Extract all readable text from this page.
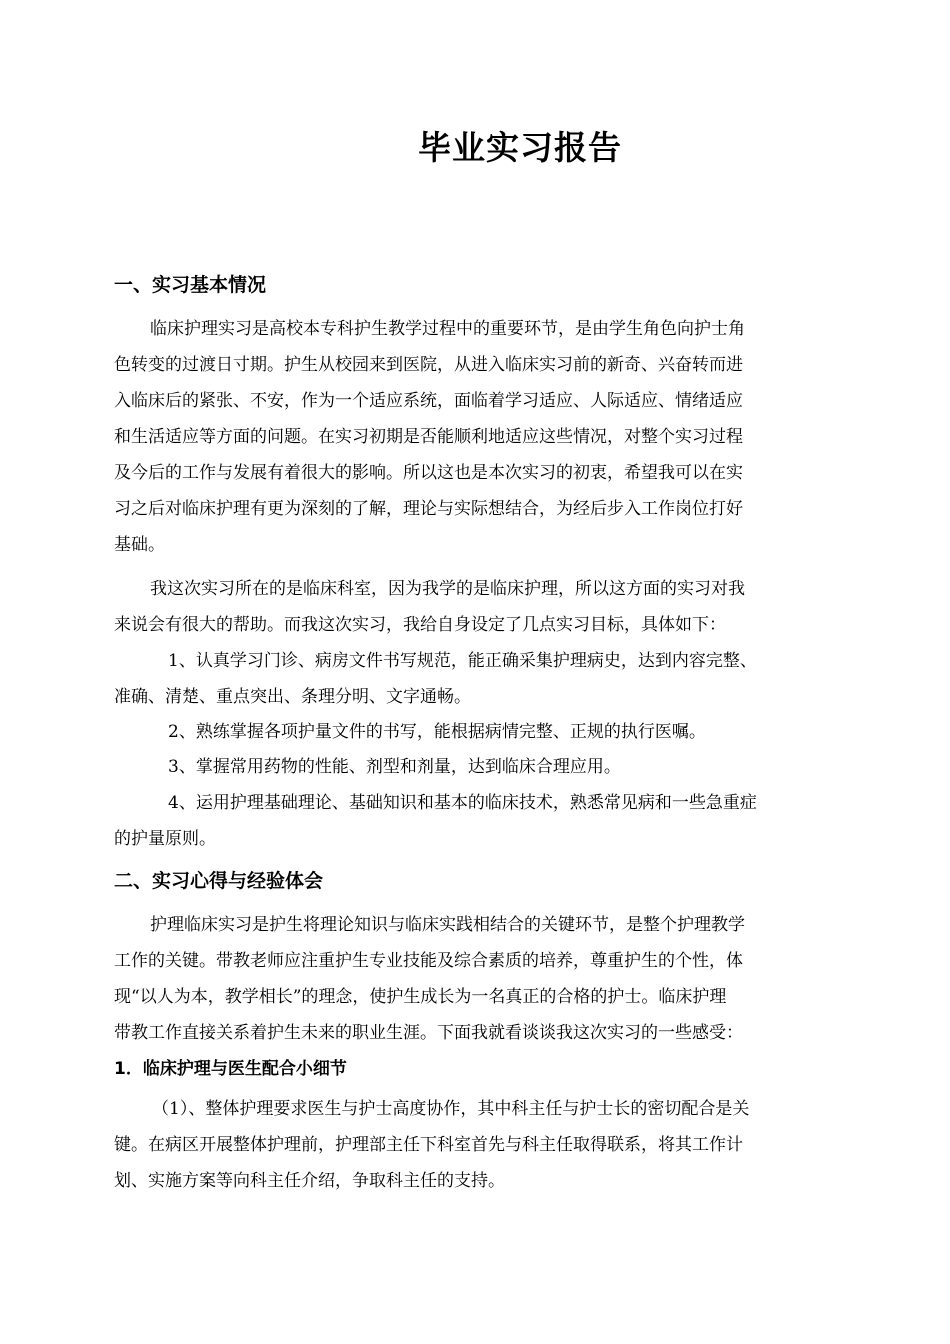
毕业实习报告
一、实习基本情况
临床护理实习是高校本专科护生教学过程中的重要环节，是由学生角色向护士角
色转变的过渡日寸期。护生从校园来到医院，从进入临床实习前的新奇、兴奋转而进
入临床后的紧张、不安，作为一个适应系统，面临着学习适应、人际适应、情绪适应
和生活适应等方面的问题。在实习初期是否能顺利地适应这些情况，对整个实习过程
及今后的工作与发展有着很大的影响。所以这也是本次实习的初衷，希望我可以在实
习之后对临床护理有更为深刻的了解，理论与实际想结合，为经后步入工作岗位打好
基础。
我这次实习所在的是临床科室，因为我学的是临床护理，所以这方面的实习对我
来说会有很大的帮助。而我这次实习，我给自身设定了几点实习目标，具体如下：
1、认真学习门诊、病房文件书写规范，能正确采集护理病史，达到内容完整、
准确、清楚、重点突出、条理分明、文字通畅。
2、熟练掌握各项护量文件的书写，能根据病情完整、正规的执行医嘱。
3、掌握常用药物的性能、剂型和剂量，达到临床合理应用。
4、运用护理基础理论、基础知识和基本的临床技术，熟悉常见病和一些急重症
的护量原则。
二、实习心得与经验体会
护理临床实习是护生将理论知识与临床实践相结合的关键环节，是整个护理教学
工作的关键。带教老师应注重护生专业技能及综合素质的培养，尊重护生的个性，体
现“以人为本，教学相长”的理念，使护生成长为一名真正的合格的护士。临床护理
带教工作直接关系着护生未来的职业生涯。下面我就看谈谈我这次实习的一些感受：
1．临床护理与医生配合小细节
（1）、整体护理要求医生与护士高度协作，其中科主任与护士长的密切配合是关
键。在病区开展整体护理前，护理部主任下科室首先与科主任取得联系，将其工作计
划、实施方案等向科主任介绍，争取科主任的支持。
